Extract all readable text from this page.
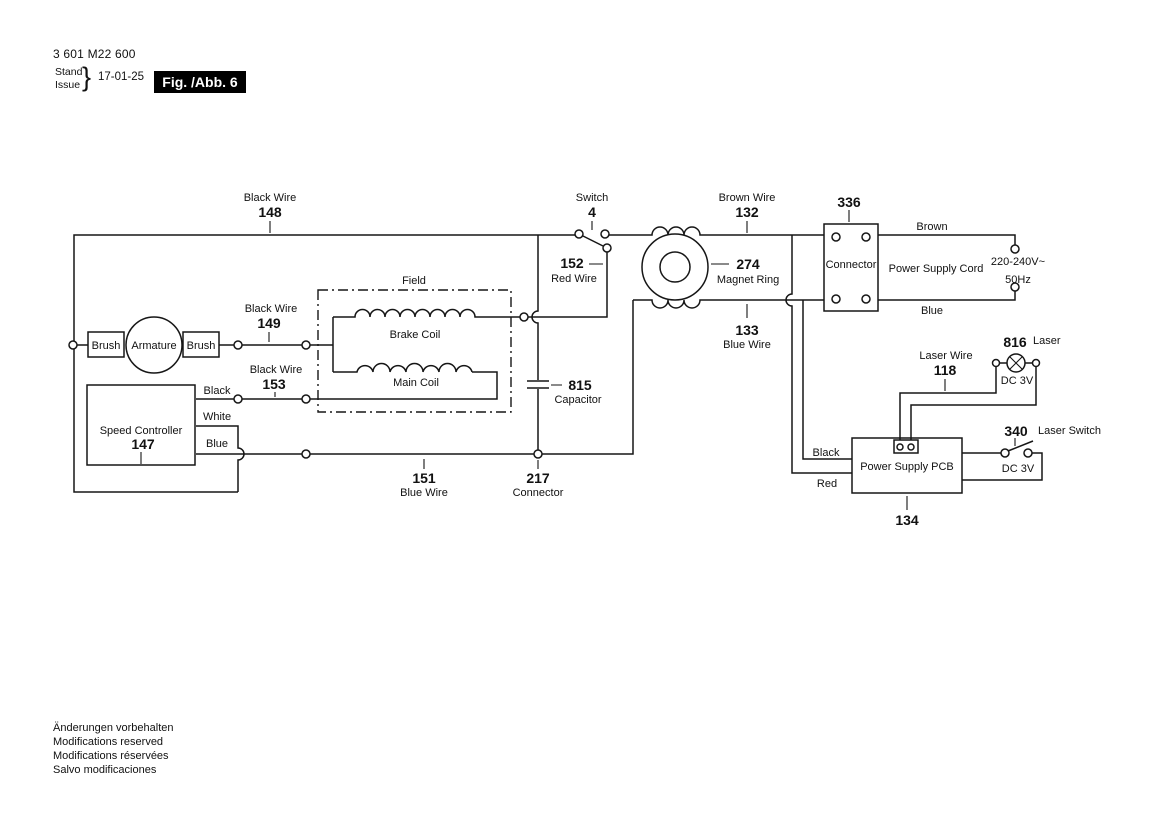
3 601 M22 600
Stand
Issue } 17-01-25	Fig. /Abb. 6
Black Wire
148
Switch
4
Brown Wire
132
336
Connector
Brown
Power Supply Cord
220-240V~
50Hz
Blue
152
Red Wire
274
Magnet Ring
133
Blue Wire
Black Wire
149
Black Wire
153
Field
Brake Coil
Main Coil	815
Capacitor
Brush Armature Brush
Speed Controller
147
Black
White
Blue
151
Blue Wire
217
Connector
Black
Red
Power Supply PCB
134
Laser Wire
118
816 Laser
DC 3V
340 Laser Switch
DC 3V
Änderungen vorbehalten
Modifications reserved
Modifications réservées
Salvo modificaciones
